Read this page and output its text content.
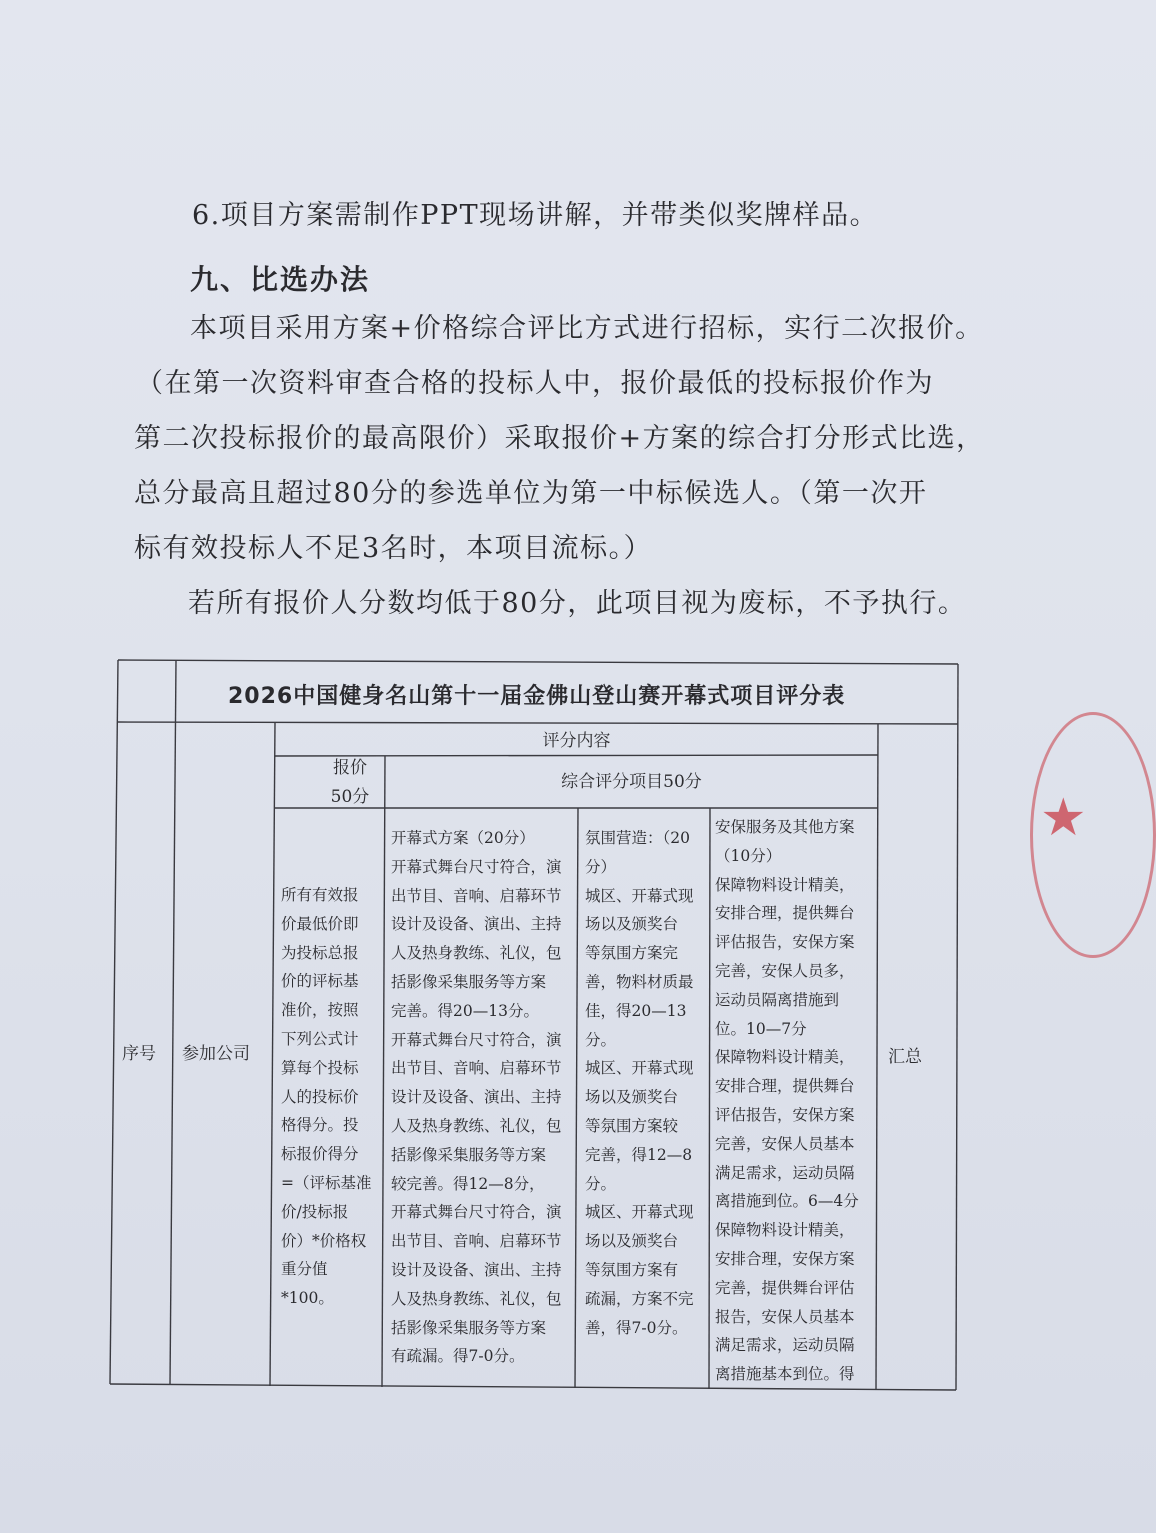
6.项目方案需制作PPT现场讲解，并带类似奖牌样品。
九、比选办法
本项目采用方案+价格综合评比方式进行招标，实行二次报价。
（在第一次资料审查合格的投标人中，报价最低的投标报价作为
第二次投标报价的最高限价）采取报价+方案的综合打分形式比选，
总分最高且超过80分的参选单位为第一中标候选人。（第一次开
标有效投标人不足3名时，本项目流标。）
若所有报价人分数均低于80分，此项目视为废标，不予执行。
2026中国健身名山第十一届金佛山登山赛开幕式项目评分表
序号 参加公司
评分内容
报价
50分
综合评分项目50分
汇总
所有有效报
价最低价即
为投标总报
价的评标基
准价，按照
下列公式计
算每个投标
人的投标价
格得分。投
标报价得分
=（评标基准
价/投标报
价）*价格权
重分值
*100。
开幕式方案（20分）
开幕式舞台尺寸符合，演
出节目、音响、启幕环节
设计及设备、演出、主持
人及热身教练、礼仪，包
括影像采集服务等方案
完善。得20—13分。
开幕式舞台尺寸符合，演
出节目、音响、启幕环节
设计及设备、演出、主持
人及热身教练、礼仪，包
括影像采集服务等方案
较完善。得12—8分，
开幕式舞台尺寸符合，演
出节目、音响、启幕环节
设计及设备、演出、主持
人及热身教练、礼仪，包
括影像采集服务等方案
有疏漏。得7-0分。
氛围营造：（20
分）
城区、开幕式现
场以及颁奖台
等氛围方案完
善，物料材质最
佳，得20—13
分。
城区、开幕式现
场以及颁奖台
等氛围方案较
完善，得12—8
分。
城区、开幕式现
场以及颁奖台
等氛围方案有
疏漏，方案不完
善，得7-0分。
安保服务及其他方案
（10分）
保障物料设计精美，
安排合理，提供舞台
评估报告，安保方案
完善，安保人员多，
运动员隔离措施到
位。10—7分
保障物料设计精美，
安排合理，提供舞台
评估报告，安保方案
完善，安保人员基本
满足需求，运动员隔
离措施到位。6—4分
保障物料设计精美，
安排合理，安保方案
完善，提供舞台评估
报告，安保人员基本
满足需求，运动员隔
离措施基本到位。得
★
